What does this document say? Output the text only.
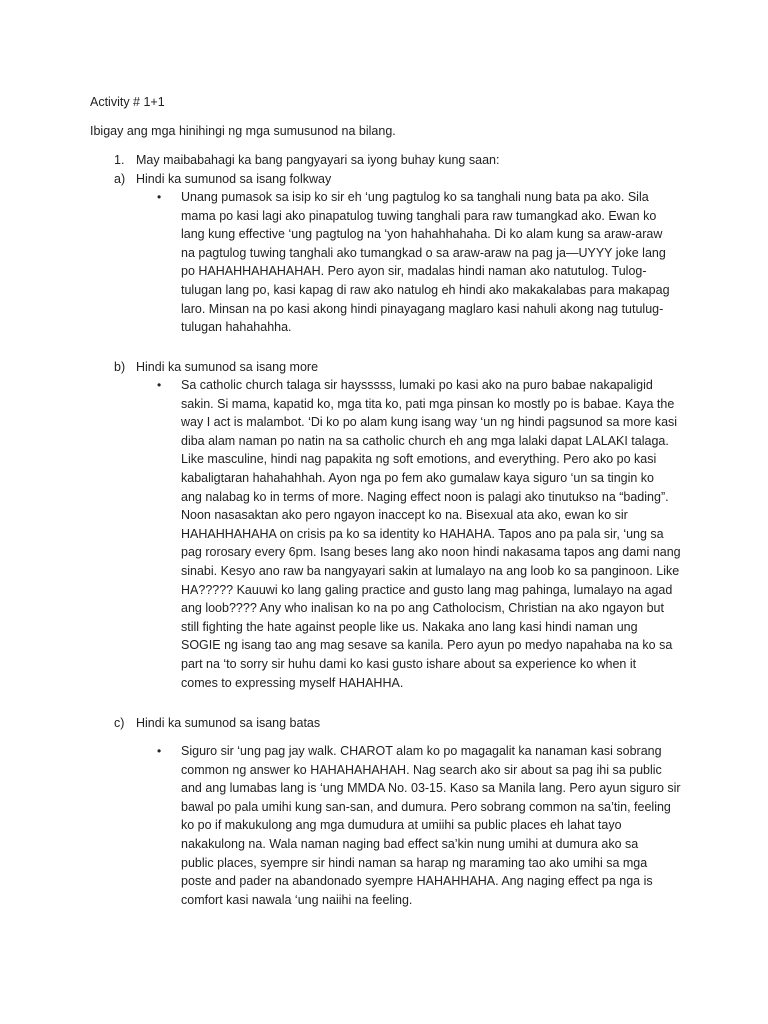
Activity # 1+1
Ibigay ang mga hinihingi ng mga sumusunod na bilang.
1. May maibabahagi ka bang pangyayari sa iyong buhay kung saan:
a) Hindi ka sumunod sa isang folkway
• Unang pumasok sa isip ko sir eh ‘ung pagtulog ko sa tanghali nung bata pa ako. Sila
mama po kasi lagi ako pinapatulog tuwing tanghali para raw tumangkad ako. Ewan ko
lang kung effective ‘ung pagtulog na ‘yon hahahhahaha. Di ko alam kung sa araw-araw
na pagtulog tuwing tanghali ako tumangkad o sa araw-araw na pag ja—UYYY joke lang
po HAHAHHAHAHAHAH. Pero ayon sir, madalas hindi naman ako natutulog. Tulog-
tulugan lang po, kasi kapag di raw ako natulog eh hindi ako makakalabas para makapag
laro. Minsan na po kasi akong hindi pinayagang maglaro kasi nahuli akong nag tutulug-
tulugan hahahahha.
b) Hindi ka sumunod sa isang more
• Sa catholic church talaga sir haysssss, lumaki po kasi ako na puro babae nakapaligid
sakin. Si mama, kapatid ko, mga tita ko, pati mga pinsan ko mostly po is babae. Kaya the
way I act is malambot. ‘Di ko po alam kung isang way ‘un ng hindi pagsunod sa more kasi
diba alam naman po natin na sa catholic church eh ang mga lalaki dapat LALAKI talaga.
Like masculine, hindi nag papakita ng soft emotions, and everything. Pero ako po kasi
kabaligtaran hahahahhah. Ayon nga po fem ako gumalaw kaya siguro ‘un sa tingin ko
ang nalabag ko in terms of more. Naging effect noon is palagi ako tinutukso na “bading”.
Noon nasasaktan ako pero ngayon inaccept ko na. Bisexual ata ako, ewan ko sir
HAHAHHAHAHA on crisis pa ko sa identity ko HAHAHA. Tapos ano pa pala sir, ‘ung sa
pag rorosary every 6pm. Isang beses lang ako noon hindi nakasama tapos ang dami nang
sinabi. Kesyo ano raw ba nangyayari sakin at lumalayo na ang loob ko sa panginoon. Like
HA????? Kauuwi ko lang galing practice and gusto lang mag pahinga, lumalayo na agad
ang loob???? Any who inalisan ko na po ang Catholocism, Christian na ako ngayon but
still fighting the hate against people like us. Nakaka ano lang kasi hindi naman ung
SOGIE ng isang tao ang mag sesave sa kanila. Pero ayun po medyo napahaba na ko sa
part na ‘to sorry sir huhu dami ko kasi gusto ishare about sa experience ko when it
comes to expressing myself HAHAHHA.
c) Hindi ka sumunod sa isang batas
• Siguro sir ‘ung pag jay walk. CHAROT alam ko po magagalit ka nanaman kasi sobrang
common ng answer ko HAHAHAHAHAH. Nag search ako sir about sa pag ihi sa public
and ang lumabas lang is ‘ung MMDA No. 03-15. Kaso sa Manila lang. Pero ayun siguro sir
bawal po pala umihi kung san-san, and dumura. Pero sobrang common na sa’tin, feeling
ko po if makukulong ang mga dumudura at umiihi sa public places eh lahat tayo
nakakulong na. Wala naman naging bad effect sa’kin nung umihi at dumura ako sa
public places, syempre sir hindi naman sa harap ng maraming tao ako umihi sa mga
poste and pader na abandonado syempre HAHAHHAHA. Ang naging effect pa nga is
comfort kasi nawala ‘ung naiihi na feeling.
